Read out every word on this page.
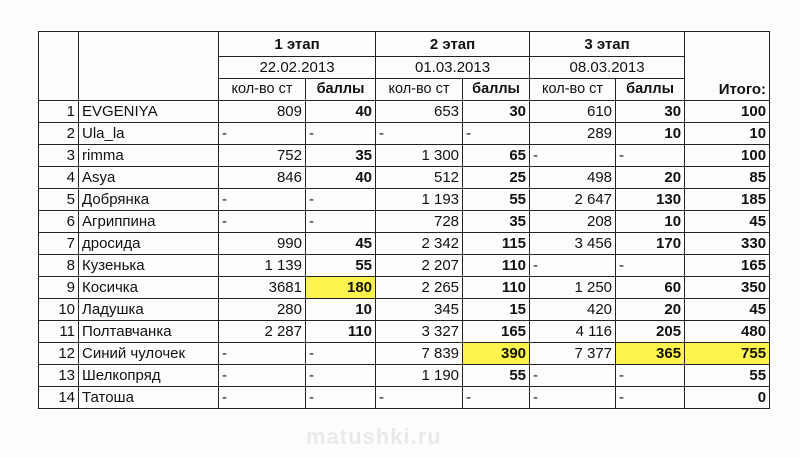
		1 этап		2 этап		3 этап		Итого:
		22.02.2013		01.03.2013		08.03.2013		
		кол-во ст	баллы	кол-во ст	баллы	кол-во ст	баллы	
1	EVGENIYA	809	40	653	30	610	30	100
2	Ula_la	-	-	-	-	289	10	10
3	rimma	752	35	1 300	65	-	-	100
4	Asya	846	40	512	25	498	20	85
5	Добрянка	-	-	1 193	55	2 647	130	185
6	Агриппина	-	-	728	35	208	10	45
7	дросида	990	45	2 342	115	3 456	170	330
8	Кузенька	1 139	55	2 207	110	-	-	165
9	Косичка	3681	180	2 265	110	1 250	60	350
10	Ладушка	280	10	345	15	420	20	45
11	Полтавчанка	2 287	110	3 327	165	4 116	205	480
12	Синий чулочек	-	-	7 839	390	7 377	365	755
13	Шелкопряд	-	-	1 190	55	-	-	55
14	Татоша	-	-	-	-	-	-	0
matushki.ru
